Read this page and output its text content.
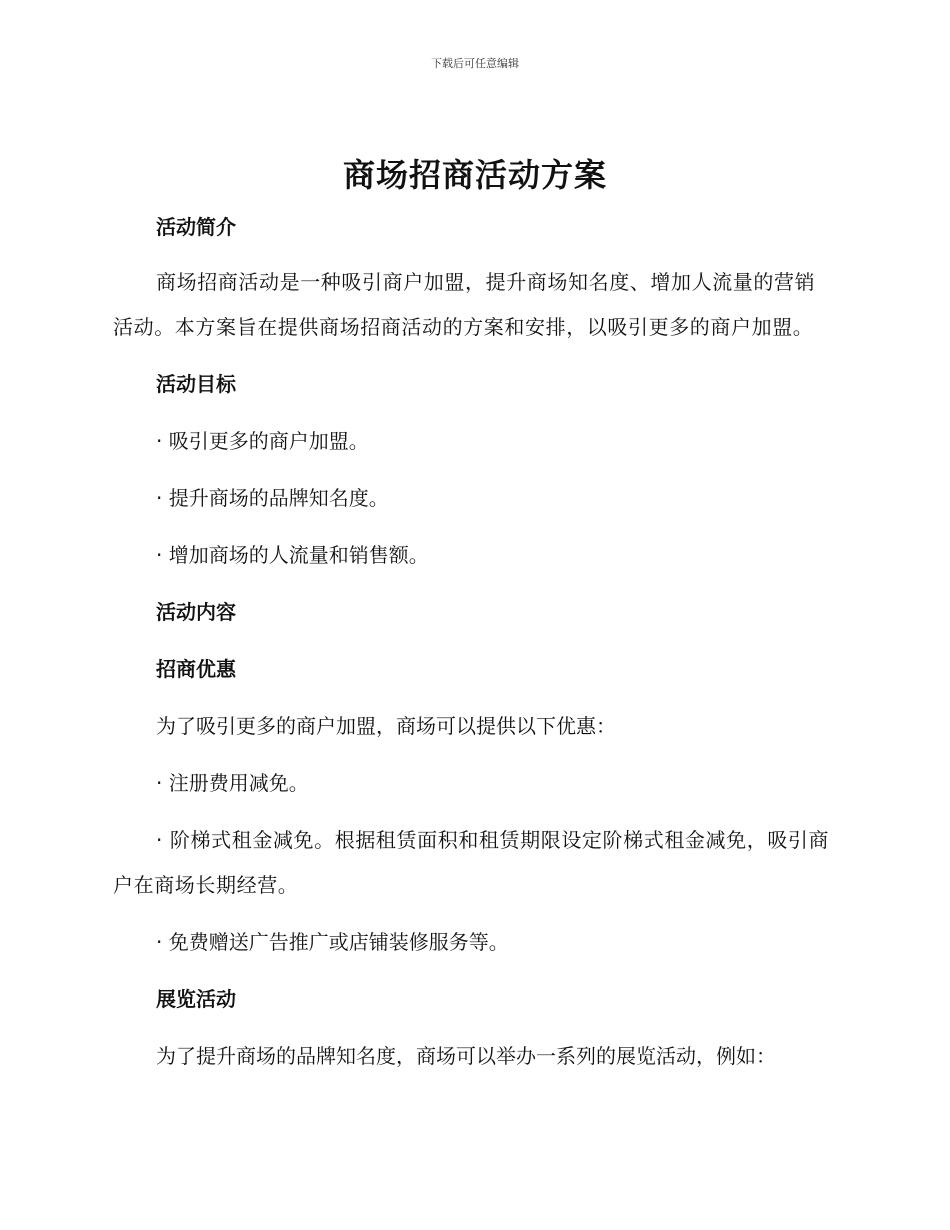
下载后可任意编辑
商场招商活动方案

活动简介

商场招商活动是一种吸引商户加盟，提升商场知名度、增加人流量的营销活动。本方案旨在提供商场招商活动的方案和安排，以吸引更多的商户加盟。

活动目标

· 吸引更多的商户加盟。

· 提升商场的品牌知名度。

· 增加商场的人流量和销售额。

活动内容

招商优惠

为了吸引更多的商户加盟，商场可以提供以下优惠：

· 注册费用减免。

· 阶梯式租金减免。根据租赁面积和租赁期限设定阶梯式租金减免，吸引商户在商场长期经营。

· 免费赠送广告推广或店铺装修服务等。

展览活动

为了提升商场的品牌知名度，商场可以举办一系列的展览活动，例如：
